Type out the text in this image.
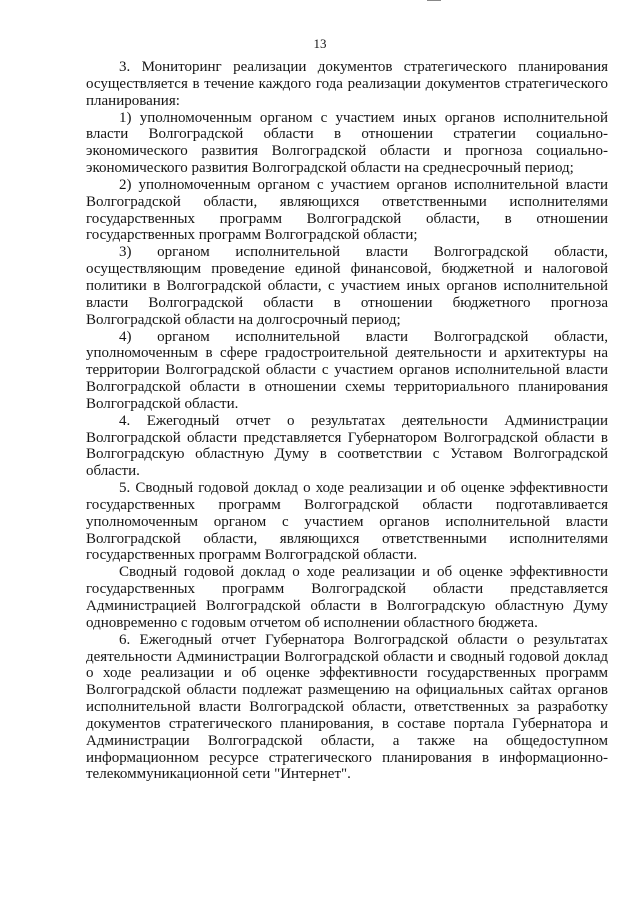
13

3. Мониторинг реализации документов стратегического планирования осуществляется в течение каждого года реализации документов стратегического планирования:

1) уполномоченным органом с участием иных органов исполнительной власти Волгоградской области в отношении стратегии социально-экономического развития Волгоградской области и прогноза социально-экономического развития Волгоградской области на среднесрочный период;

2) уполномоченным органом с участием органов исполнительной власти Волгоградской области, являющихся ответственными исполнителями государственных программ Волгоградской области, в отношении государственных программ Волгоградской области;

3) органом исполнительной власти Волгоградской области, осуществляющим проведение единой финансовой, бюджетной и налоговой политики в Волгоградской области, с участием иных органов исполнительной власти Волгоградской области в отношении бюджетного прогноза Волгоградской области на долгосрочный период;

4) органом исполнительной власти Волгоградской области, уполномоченным в сфере градостроительной деятельности и архитектуры на территории Волгоградской области с участием органов исполнительной власти Волгоградской области в отношении схемы территориального планирования Волгоградской области.

4. Ежегодный отчет о результатах деятельности Администрации Волгоградской области представляется Губернатором Волгоградской области в Волгоградскую областную Думу в соответствии с Уставом Волгоградской области.

5. Сводный годовой доклад о ходе реализации и об оценке эффективности государственных программ Волгоградской области подготавливается уполномоченным органом с участием органов исполнительной власти Волгоградской области, являющихся ответственными исполнителями государственных программ Волгоградской области.

Сводный годовой доклад о ходе реализации и об оценке эффективности государственных программ Волгоградской области представляется Администрацией Волгоградской области в Волгоградскую областную Думу одновременно с годовым отчетом об исполнении областного бюджета.

6. Ежегодный отчет Губернатора Волгоградской области о результатах деятельности Администрации Волгоградской области и сводный годовой доклад о ходе реализации и об оценке эффективности государственных программ Волгоградской области подлежат размещению на официальных сайтах органов исполнительной власти Волгоградской области, ответственных за разработку документов стратегического планирования, в составе портала Губернатора и Администрации Волгоградской области, а также на общедоступном информационном ресурсе стратегического планирования в информационно-телекоммуникационной сети "Интернет".
